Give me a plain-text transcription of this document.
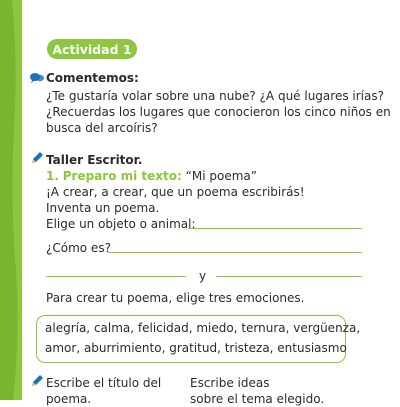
Actividad 1
Comentemos:
¿Te gustaría volar sobre una nube? ¿A qué lugares irías?
¿Recuerdas los lugares que conocieron los cinco niños en
busca del arcoíris?
Taller Escritor.
1. Preparo mi texto: “Mi poema”
¡A crear, a crear, que un poema escribirás!
Inventa un poema.
Elige un objeto o animal:
¿Cómo es?
y
Para crear tu poema, elige tres emociones.
alegría, calma, felicidad, miedo, ternura, vergüenza,
amor, aburrimiento, gratitud, tristeza, entusiasmo
Escribe el título del
poema.
Escribe ideas
sobre el tema elegido.
